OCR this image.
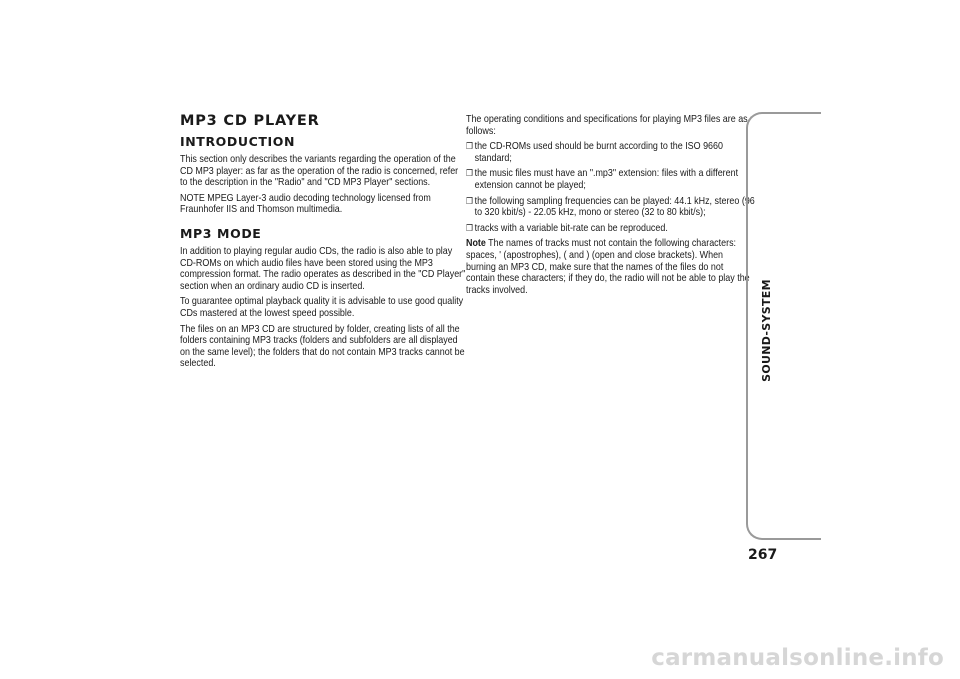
MP3 CD PLAYER
INTRODUCTION

This section only describes the variants regarding the operation of the CD MP3 player: as far as the operation of the radio is concerned, refer to the description in the "Radio" and "CD MP3 Player" sections.

NOTE MPEG Layer-3 audio decoding technology licensed from Fraunhofer IIS and Thomson multimedia.

MP3 MODE

In addition to playing regular audio CDs, the radio is also able to play CD-ROMs on which audio files have been stored using the MP3 compression format. The radio operates as described in the "CD Player" section when an ordinary audio CD is inserted.

To guarantee optimal playback quality it is advisable to use good quality CDs mastered at the lowest speed possible.

The files on an MP3 CD are structured by folder, creating lists of all the folders containing MP3 tracks (folders and subfolders are all displayed on the same level); the folders that do not contain MP3 tracks cannot be selected.

The operating conditions and specifications for playing MP3 files are as follows:

❒ the CD-ROMs used should be burnt according to the ISO 9660 standard;
❒ the music files must have an ".mp3" extension: files with a different extension cannot be played;
❒ the following sampling frequencies can be played: 44.1 kHz, stereo (96 to 320 kbit/s) - 22.05 kHz, mono or stereo (32 to 80 kbit/s);
❒ tracks with a variable bit-rate can be reproduced.

Note The names of tracks must not contain the following characters: spaces, ' (apostrophes), ( and ) (open and close brackets). When burning an MP3 CD, make sure that the names of the files do not contain these characters; if they do, the radio will not be able to play the tracks involved.	SOUND-SYSTEM
267
carmanualsonline.info
